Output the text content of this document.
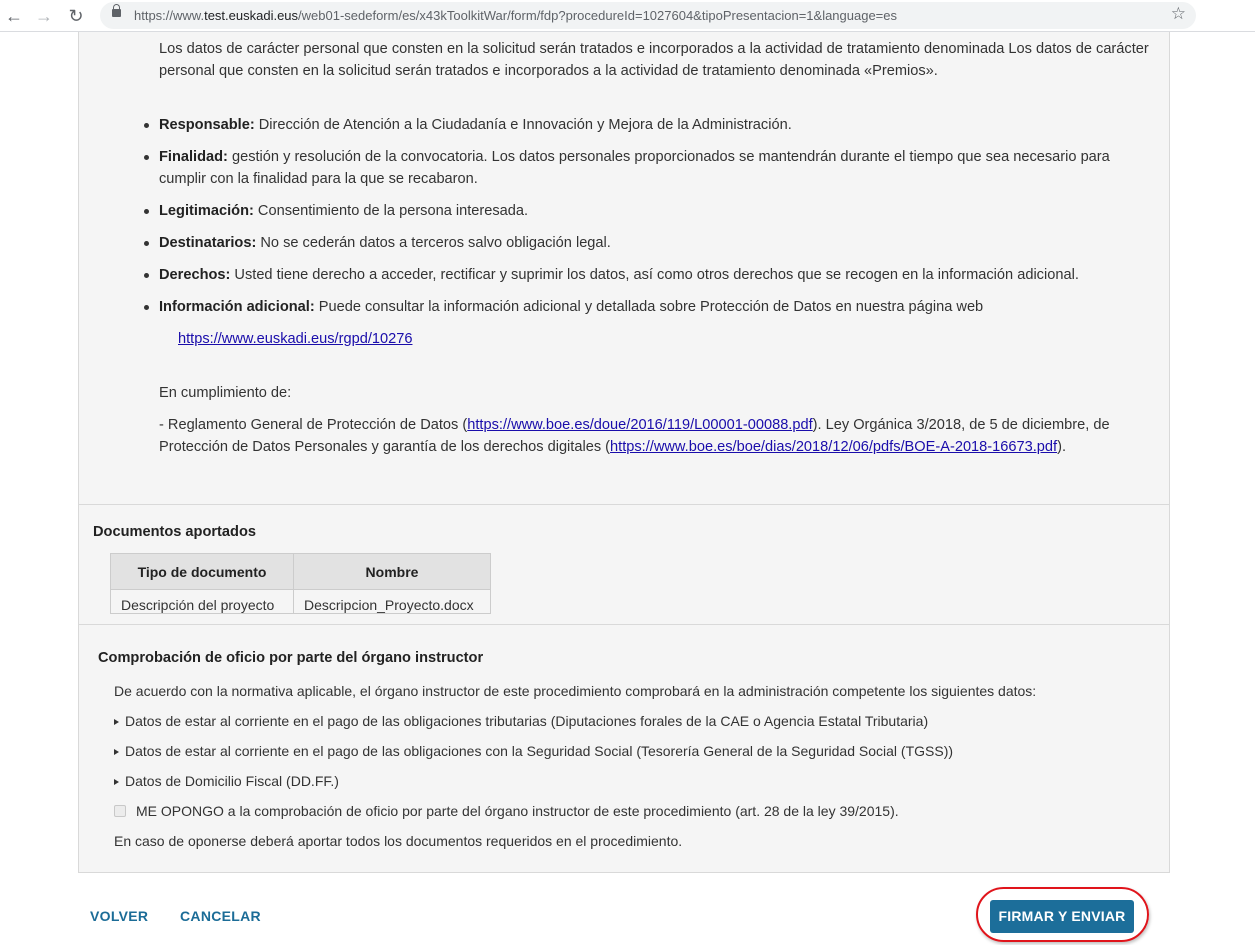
← → ↻	https://www.test.euskadi.eus/web01-sedeform/es/x43kToolkitWar/form/fdp?procedureId=1027604&tipoPresentacion=1&language=es	☆

Los datos de carácter personal que consten en la solicitud serán tratados e incorporados a la actividad de tratamiento denominada Los datos de carácter personal que consten en la solicitud serán tratados e incorporados a la actividad de tratamiento denominada «Premios».

Responsable: Dirección de Atención a la Ciudadanía e Innovación y Mejora de la Administración.
Finalidad: gestión y resolución de la convocatoria. Los datos personales proporcionados se mantendrán durante el tiempo que sea necesario para cumplir con la finalidad para la que se recabaron.
Legitimación: Consentimiento de la persona interesada.
Destinatarios: No se cederán datos a terceros salvo obligación legal.
Derechos: Usted tiene derecho a acceder, rectificar y suprimir los datos, así como otros derechos que se recogen en la información adicional.
Información adicional: Puede consultar la información adicional y detallada sobre Protección de Datos en nuestra página web
https://www.euskadi.eus/rgpd/10276

En cumplimiento de:

- Reglamento General de Protección de Datos (https://www.boe.es/doue/2016/119/L00001-00088.pdf). Ley Orgánica 3/2018, de 5 de diciembre, de Protección de Datos Personales y garantía de los derechos digitales (https://www.boe.es/boe/dias/2018/12/06/pdfs/BOE-A-2018-16673.pdf).

Documentos aportados
Tipo de documento	Nombre
Descripción del proyecto	Descripcion_Proyecto.docx
Comprobación de oficio por parte del órgano instructor
De acuerdo con la normativa aplicable, el órgano instructor de este procedimiento comprobará en la administración competente los siguientes datos:
Datos de estar al corriente en el pago de las obligaciones tributarias (Diputaciones forales de la CAE o Agencia Estatal Tributaria)
Datos de estar al corriente en el pago de las obligaciones con la Seguridad Social (Tesorería General de la Seguridad Social (TGSS))
Datos de Domicilio Fiscal (DD.FF.)
ME OPONGO a la comprobación de oficio por parte del órgano instructor de este procedimiento (art. 28 de la ley 39/2015).
En caso de oponerse deberá aportar todos los documentos requeridos en el procedimiento.
VOLVER CANCELAR	FIRMAR Y ENVIAR
